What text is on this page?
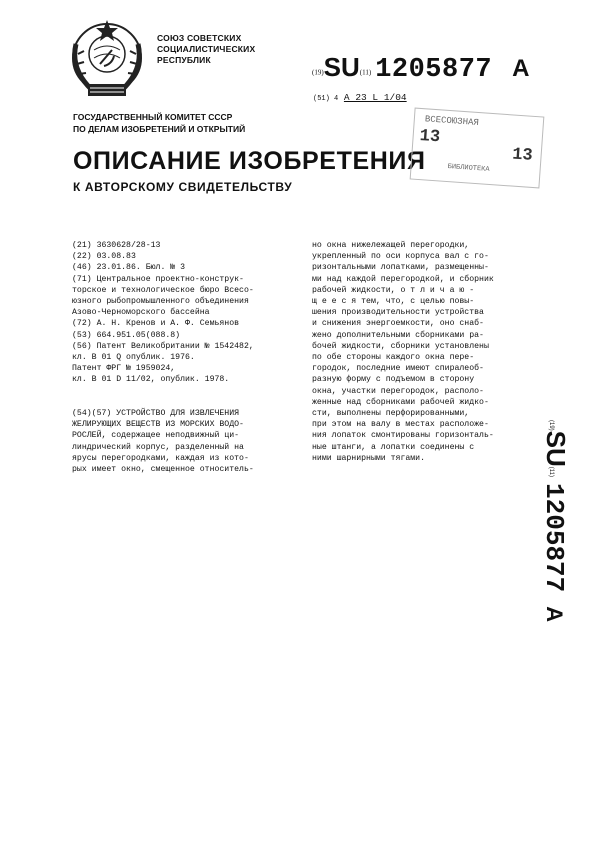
СОЮЗ СОВЕТСКИХ
СОЦИАЛИСТИЧЕСКИХ
РЕСПУБЛИК
(19)SU(11) 1205877 A
(51) 4 A 23 L 1/04
ГОСУДАРСТВЕННЫЙ КОМИТЕТ СССР
ПО ДЕЛАМ ИЗОБРЕТЕНИЙ И ОТКРЫТИЙ
ОПИСАНИЕ ИЗОБРЕТЕНИЯ
К АВТОРСКОМУ СВИДЕТЕЛЬСТВУ
ВСЕСОЮЗНАЯ
13
13
БИБЛИОТЕКА
(21) 3630628/28-13
(22) 03.08.83
(46) 23.01.86. Бюл. № 3
(71) Центральное проектно-конструк-
торское и технологическое бюро Всесо-
юзного рыбопромышленного объединения
Азово-Черноморского бассейна
(72) А. Н. Кренов и А. Ф. Семьянов
(53) 664.951.05(088.8)
(56) Патент Великобритании № 1542482,
кл. В 01 Q опублик. 1976.
Патент ФРГ № 1959024,
кл. В 01 D 11/02, опублик. 1978.
(54)(57) УСТРОЙСТВО ДЛЯ ИЗВЛЕЧЕНИЯ
ЖЕЛИРУЮЩИХ ВЕЩЕСТВ ИЗ МОРСКИХ ВОДО-
РОСЛЕЙ, содержащее неподвижный ци-
линдрический корпус, разделенный на
ярусы перегородками, каждая из кото-
рых имеет окно, смещенное относитель-
но окна нижележащей перегородки,
укрепленный по оси корпуса вал с го-
ризонтальными лопатками, размещенны-
ми над каждой перегородкой, и сборник
рабочей жидкости, о т л и ч а ю -
щ е е с я тем, что, с целью повы-
шения производительности устройства
и снижения энергоемкости, оно снаб-
жено дополнительными сборниками ра-
бочей жидкости, сборники установлены
по обе стороны каждого окна пере-
городок, последние имеют спиралеоб-
разную форму с подъемом в сторону
окна, участки перегородок, располо-
женные над сборниками рабочей жидко-
сти, выполнены перфорированными,
при этом на валу в местах расположе-
ния лопаток смонтированы горизонталь-
ные штанги, а лопатки соединены с
ними шарнирными тягами.
(19)SU(11)1205877A
